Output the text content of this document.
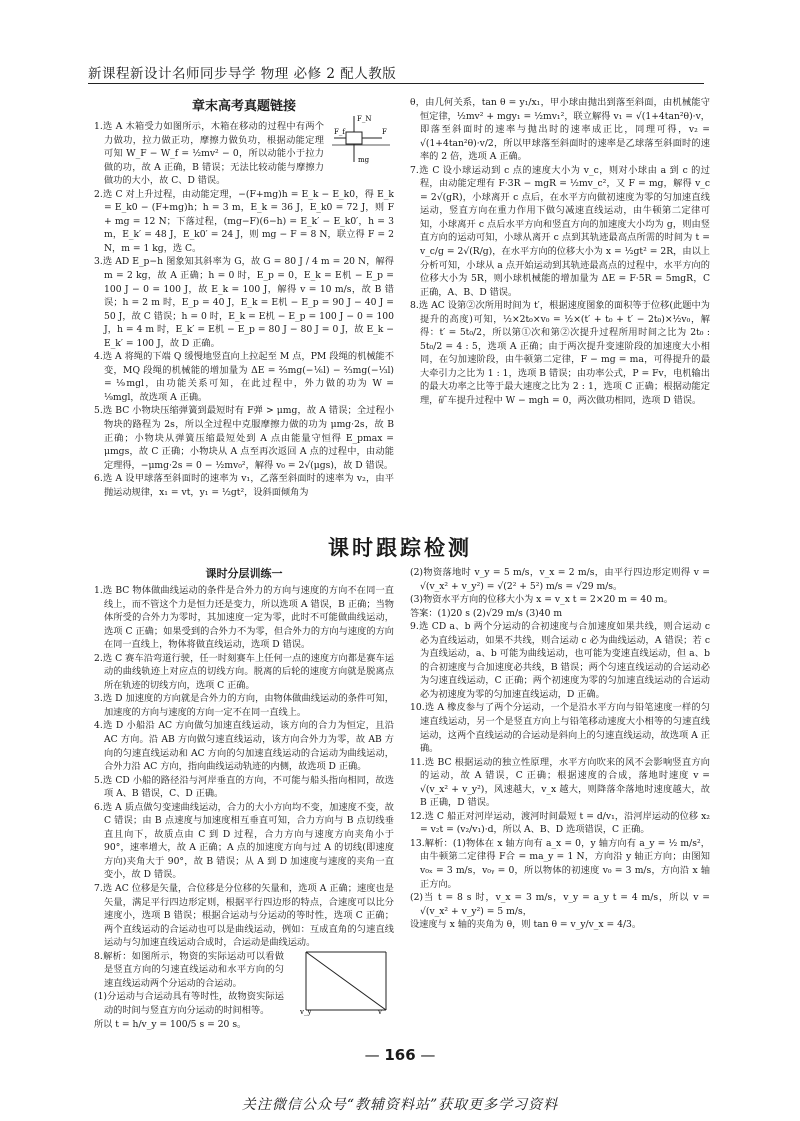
新课程新设计名师同步导学 物理 必修 2 配人教版

章末高考真题链接

1.选 A 木箱受力如图所示，木箱在移动的过程中有两个力做功，拉力做正功，摩擦力做负功，根据动能定理可知 W_F − W_f = ½mv² − 0，所以动能小于拉力做的功，故 A 正确，B 错误；无法比较动能与摩擦力做功的大小，故 C、D 错误。

2.选 C 对上升过程，由动能定理，−(F+mg)h = E_k − E_k0，得 E_k = E_k0 − (F+mg)h；h = 3 m，E_k = 36 J，E_k0 = 72 J，则 F + mg = 12 N；下落过程，(mg−F)(6−h) = E_k′ − E_k0′，h = 3 m，E_k′ = 48 J，E_k0′ = 24 J，则 mg − F = 8 N，联立得 F = 2 N，m = 1 kg，选 C。

3.选 AD E_p−h 图象知其斜率为 G，故 G = 80 J / 4 m = 20 N，解得 m = 2 kg，故 A 正确；h = 0 时，E_p = 0，E_k = E机 − E_p = 100 J − 0 = 100 J，故 E_k = 100 J，解得 v = 10 m/s，故 B 错误；h = 2 m 时，E_p = 40 J，E_k = E机 − E_p = 90 J − 40 J = 50 J，故 C 错误；h = 0 时，E_k = E机 − E_p = 100 J − 0 = 100 J，h = 4 m 时，E_k′ = E机 − E_p = 80 J − 80 J = 0 J，故 E_k − E_k′ = 100 J，故 D 正确。

4.选 A 将绳的下端 Q 缓慢地竖直向上拉起至 M 点，PM 段绳的机械能不变，MQ 段绳的机械能的增加量为 ΔE = ⅔mg(−⅙l) − ⅔mg(−⅓l) = ⅑mgl，由功能关系可知，在此过程中，外力做的功为 W = ⅑mgl，故选项 A 正确。

5.选 BC 小物块压缩弹簧到最短时有 F弹 > μmg，故 A 错误；全过程小物块的路程为 2s，所以全过程中克服摩擦力做的功为 μmg·2s，故 B 正确；小物块从弹簧压缩最短处到 A 点由能量守恒得 E_pmax = μmgs，故 C 正确；小物块从 A 点至再次返回 A 点的过程中，由动能定理得，−μmg·2s = 0 − ½mv₀²，解得 v₀ = 2√(μgs)，故 D 错误。

6.选 A 设甲球落至斜面时的速率为 v₁，乙落至斜面时的速率为 v₂，由平抛运动规律，x₁ = vt，y₁ = ½gt²，设斜面倾角为

F_f
F_N
F
mg

θ，由几何关系，tan θ = y₁/x₁，甲小球由抛出到落至斜面，由机械能守恒定律，½mv² + mgy₁ = ½mv₁²，联立解得 v₁ = √(1+4tan²θ)·v，即落至斜面时的速率与抛出时的速率成正比，同理可得，v₂ = √(1+4tan²θ)·v/2，所以甲球落至斜面时的速率是乙球落至斜面时的速率的 2 倍，选项 A 正确。

7.选 C 设小球运动到 c 点的速度大小为 v_c，则对小球由 a 到 c 的过程，由动能定理有 F·3R − mgR = ½mv_c²，又 F = mg，解得 v_c = 2√(gR)，小球离开 c 点后，在水平方向做初速度为零的匀加速直线运动，竖直方向在重力作用下做匀减速直线运动，由牛顿第二定律可知，小球离开 c 点后水平方向和竖直方向的加速度大小均为 g，则由竖直方向的运动可知，小球从离开 c 点到其轨迹最高点所需的时间为 t = v_c/g = 2√(R/g)，在水平方向的位移大小为 x = ½gt² = 2R，由以上分析可知，小球从 a 点开始运动到其轨迹最高点的过程中，水平方向的位移大小为 5R，则小球机械能的增加量为 ΔE = F·5R = 5mgR，C 正确，A、B、D 错误。

8.选 AC 设第②次所用时间为 t′，根据速度图象的面积等于位移(此题中为提升的高度)可知，½×2t₀×v₀ = ½×(t′ + t₀ + t′ − 2t₀)×½v₀，解得：t′ = 5t₀/2，所以第①次和第②次提升过程所用时间之比为 2t₀ : 5t₀/2 = 4 : 5，选项 A 正确；由于两次提升变速阶段的加速度大小相同，在匀加速阶段，由牛顿第二定律，F − mg = ma，可得提升的最大牵引力之比为 1 : 1，选项 B 错误；由功率公式，P = Fv，电机输出的最大功率之比等于最大速度之比为 2 : 1，选项 C 正确；根据动能定理，矿车提升过程中 W − mgh = 0，两次做功相同，选项 D 错误。

课时跟踪检测

课时分层训练一

1.选 BC 物体做曲线运动的条件是合外力的方向与速度的方向不在同一直线上，而不管这个力是恒力还是变力，所以选项 A 错误，B 正确；当物体所受的合外力为零时，其加速度一定为零，此时不可能做曲线运动，选项 C 正确；如果受到的合外力不为零，但合外力的方向与速度的方向在同一直线上，物体将做直线运动，选项 D 错误。

2.选 C 赛车沿弯道行驶，任一时刻赛车上任何一点的速度方向都是赛车运动的曲线轨迹上对应点的切线方向。脱离的后轮的速度方向就是脱离点所在轨迹的切线方向，选项 C 正确。

3.选 D 加速度的方向就是合外力的方向，由物体做曲线运动的条件可知，加速度的方向与速度的方向一定不在同一直线上。

4.选 D 小船沿 AC 方向做匀加速直线运动，该方向的合力为恒定，且沿 AC 方向。沿 AB 方向做匀速直线运动，该方向合外力为零，故 AB 方向的匀速直线运动和 AC 方向的匀加速直线运动的合运动为曲线运动，合外力沿 AC 方向，指向曲线运动轨迹的内侧，故选项 D 正确。

5.选 CD 小船的路径沿与河岸垂直的方向，不可能与船头指向相同，故选项 A、B 错误，C、D 正确。

6.选 A 质点做匀变速曲线运动，合力的大小方向均不变，加速度不变，故 C 错误；由 B 点速度与加速度相互垂直可知，合力方向与 B 点切线垂直且向下，故质点由 C 到 D 过程，合力方向与速度方向夹角小于 90°，速率增大，故 A 正确；A 点的加速度方向与过 A 的切线(即速度方向)夹角大于 90°，故 B 错误；从 A 到 D 加速度与速度的夹角一直变小，故 D 错误。

7.选 AC 位移是矢量，合位移是分位移的矢量和，选项 A 正确；速度也是矢量，满足平行四边形定则，根据平行四边形的特点，合速度可以比分速度小，选项 B 错误；根据合运动与分运动的等时性，选项 C 正确；两个直线运动的合运动也可以是曲线运动，例如：互成直角的匀速直线运动与匀加速直线运动合成时，合运动是曲线运动。

8.解析：如图所示，物资的实际运动可以看做是竖直方向的匀速直线运动和水平方向的匀速直线运动两个分运动的合运动。

(1)分运动与合运动具有等时性，故物资实际运动的时间与竖直方向分运动的时间相等。

所以 t = h/v_y = 100/5 s = 20 s。

v_y	v

(2)物资落地时 v_y = 5 m/s，v_x = 2 m/s，由平行四边形定则得 v = √(v_x² + v_y²) = √(2² + 5²) m/s = √29 m/s。

(3)物资水平方向的位移大小为 x = v_x t = 2×20 m = 40 m。

答案：(1)20 s (2)√29 m/s (3)40 m

9.选 CD a、b 两个分运动的合初速度与合加速度如果共线，则合运动 c 必为直线运动，如果不共线，则合运动 c 必为曲线运动，A 错误；若 c 为直线运动，a、b 可能为曲线运动，也可能为变速直线运动，但 a、b 的合初速度与合加速度必共线，B 错误；两个匀速直线运动的合运动必为匀速直线运动，C 正确；两个初速度为零的匀加速直线运动的合运动必为初速度为零的匀加速直线运动，D 正确。

10.选 A 橡皮参与了两个分运动，一个是沿水平方向与铅笔速度一样的匀速直线运动，另一个是竖直方向上与铅笔移动速度大小相等的匀速直线运动，这两个直线运动的合运动是斜向上的匀速直线运动，故选项 A 正确。

11.选 BC 根据运动的独立性原理，水平方向吹来的风不会影响竖直方向的运动，故 A 错误，C 正确；根据速度的合成，落地时速度 v = √(v_x² + v_y²)，风速越大，v_x 越大，则降落伞落地时速度越大，故 B 正确，D 错误。

12.选 C 船正对河岸运动，渡河时间最短 t = d/v₁，沿河岸运动的位移 x₂ = v₂t = (v₂/v₁)·d，所以 A、B、D 选项错误，C 正确。

13.解析：(1)物体在 x 轴方向有 a_x = 0，y 轴方向有 a_y = ½ m/s²，由牛顿第二定律得 F合 = ma_y = 1 N，方向沿 y 轴正方向；由图知 v₀ₓ = 3 m/s，v₀ᵧ = 0，所以物体的初速度 v₀ = 3 m/s，方向沿 x 轴正方向。

(2)当 t = 8 s 时，v_x = 3 m/s，v_y = a_y t = 4 m/s，所以 v = √(v_x² + v_y²) = 5 m/s，

设速度与 x 轴的夹角为 θ，则 tan θ = v_y/v_x = 4/3。

— 166 —
关注微信公众号“教辅资料站”获取更多学习资料
